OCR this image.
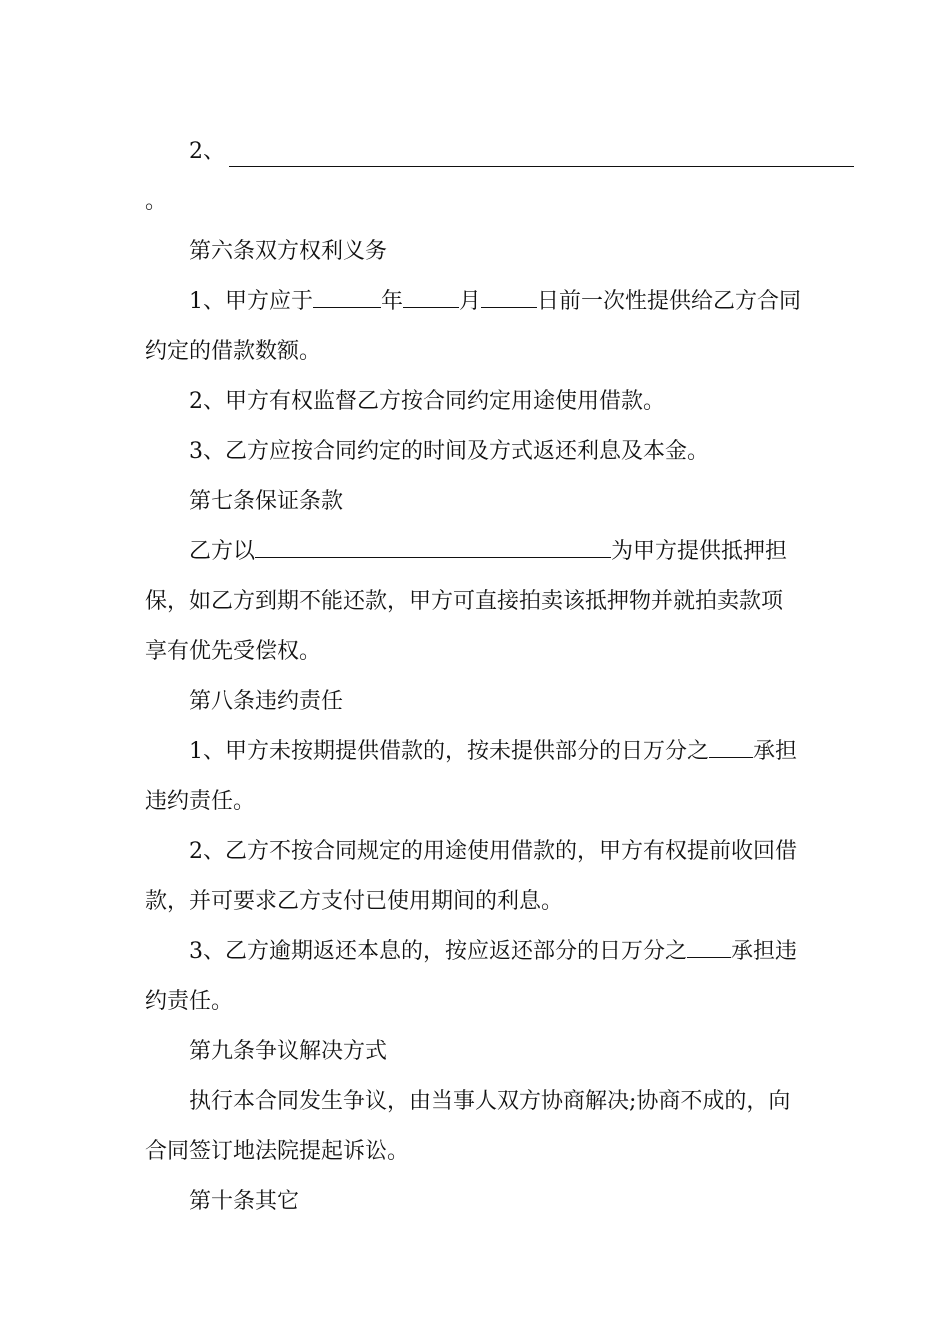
2、
。
第六条双方权利义务
1、甲方应于	年	月	日前一次性提供给乙方合同
约定的借款数额。
2、甲方有权监督乙方按合同约定用途使用借款。
3、乙方应按合同约定的时间及方式返还利息及本金。
第七条保证条款
乙方以	为甲方提供抵押担
保，如乙方到期不能还款，甲方可直接拍卖该抵押物并就拍卖款项
享有优先受偿权。
第八条违约责任
1、甲方未按期提供借款的，按未提供部分的日万分之 承担
违约责任。
2、乙方不按合同规定的用途使用借款的，甲方有权提前收回借
款，并可要求乙方支付已使用期间的利息。
3、乙方逾期返还本息的，按应返还部分的日万分之 承担违
约责任。
第九条争议解决方式
执行本合同发生争议，由当事人双方协商解决;协商不成的，向
合同签订地法院提起诉讼。
第十条其它
